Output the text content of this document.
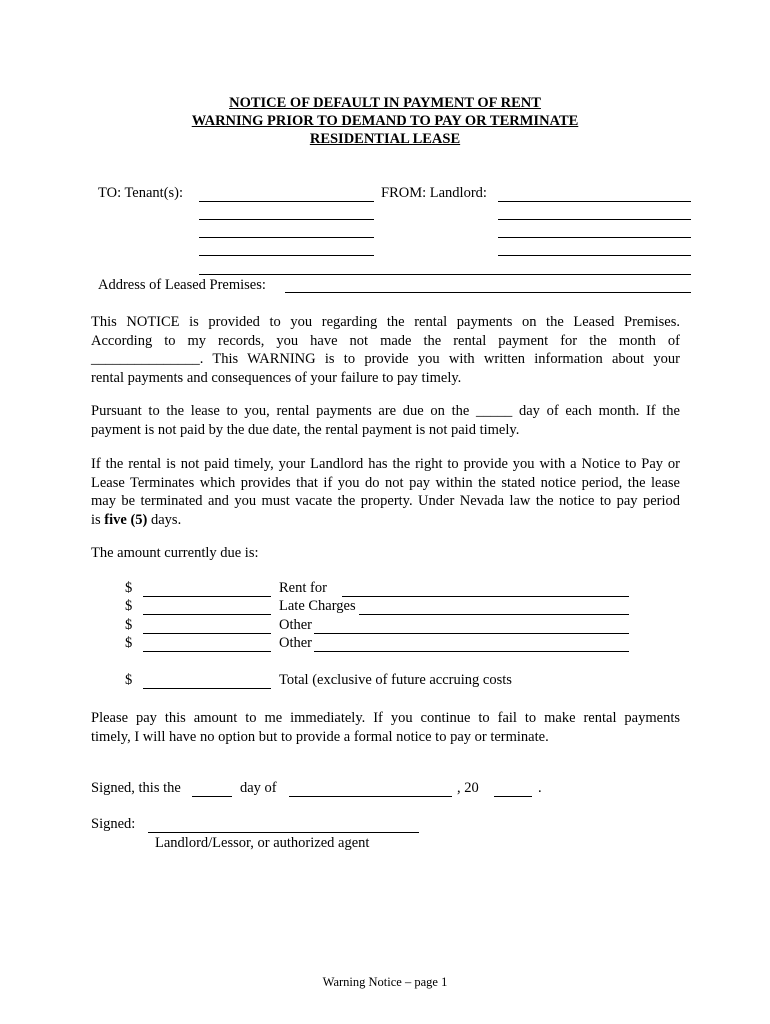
NOTICE OF DEFAULT IN PAYMENT OF RENT
WARNING PRIOR TO DEMAND TO PAY OR TERMINATE
RESIDENTIAL LEASE
TO: Tenant(s):	FROM: Landlord:
Address of Leased Premises:
This NOTICE is provided to you regarding the rental payments on the Leased Premises.
According to my records, you have not made the rental payment for the month of
_______________. This WARNING is to provide you with written information about your
rental payments and consequences of your failure to pay timely.
Pursuant to the lease to you, rental payments are due on the _____ day of each month. If the
payment is not paid by the due date, the rental payment is not paid timely.
If the rental is not paid timely, your Landlord has the right to provide you with a Notice to Pay or
Lease Terminates which provides that if you do not pay within the stated notice period, the lease
may be terminated and you must vacate the property. Under Nevada law the notice to pay period
is five (5) days.
The amount currently due is:
$	Rent for
$	Late Charges
$	Other
$	Other
$	Total (exclusive of future accruing costs
Please pay this amount to me immediately. If you continue to fail to make rental payments
timely, I will have no option but to provide a formal notice to pay or terminate.
Signed, this the	day of	, 20	.
Signed:
Landlord/Lessor, or authorized agent
Warning Notice – page 1
